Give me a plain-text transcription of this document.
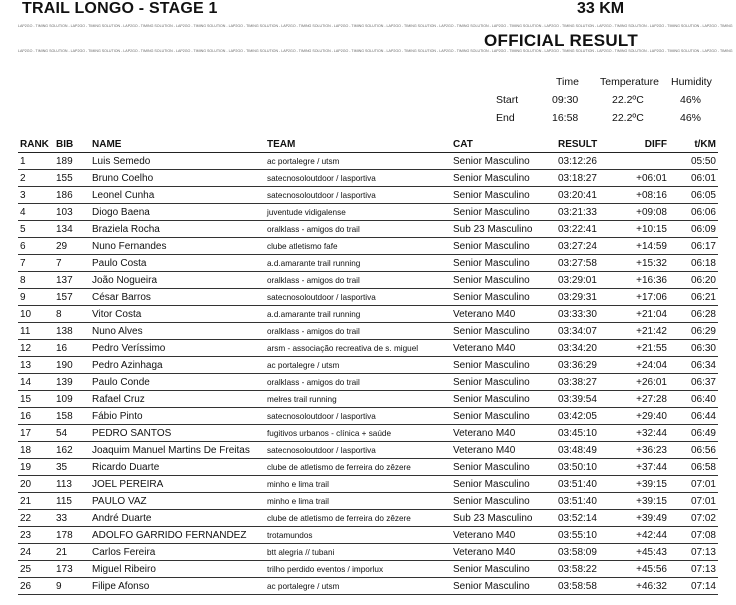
TRAIL LONGO - STAGE 1	33 KM
LAP2GO - TIMING SOLUTION - LAP2GO - TIMING SOLUTION - LAP2GO - TIMING SOLUTION - LAP2GO - TIMING SOLUTION - LAP2GO - TIMING SOLUTION - LAP2GO - TIMING SOLUTION - LAP2GO - TIMING SOLUTION - LAP2GO - TIMING SOLUTION - LAP2GO - TIMING SOLUTION - LAP2GO - TIMING SOLUTION - LAP2GO - TIMING SOLUTION - LAP2GO - TIMING SOLUTION - LAP2GO - TIMING SOLUTION - LAP2GO - TIMING
OFFICIAL RESULT
LAP2GO - TIMING SOLUTION - LAP2GO - TIMING SOLUTION - LAP2GO - TIMING SOLUTION - LAP2GO - TIMING SOLUTION - LAP2GO - TIMING SOLUTION - LAP2GO - TIMING SOLUTION - LAP2GO - TIMING SOLUTION - LAP2GO - TIMING SOLUTION - LAP2GO - TIMING SOLUTION - LAP2GO - TIMING SOLUTION - LAP2GO - TIMING SOLUTION - LAP2GO - TIMING SOLUTION - LAP2GO - TIMING SOLUTION - LAP2GO - TIMING
Time Temperature Humidity
Start	09:30	22.2ºC	46%
End	16:58	22.2ºC	46%
RANK	BIB	NAME	TEAM	CAT	RESULT	DIFF	t/KM
1	189	Luis Semedo	ac portalegre / utsm	Senior Masculino	03:12:26		05:50
2	155	Bruno Coelho	satecnosoloutdoor / lasportiva	Senior Masculino	03:18:27	+06:01	06:01
3	186	Leonel Cunha	satecnosoloutdoor / lasportiva	Senior Masculino	03:20:41	+08:16	06:05
4	103	Diogo Baena	juventude vidigalense	Senior Masculino	03:21:33	+09:08	06:06
5	134	Braziela Rocha	oralklass - amigos do trail	Sub 23 Masculino	03:22:41	+10:15	06:09
6	29	Nuno Fernandes	clube atletismo fafe	Senior Masculino	03:27:24	+14:59	06:17
7	7	Paulo Costa	a.d.amarante trail running	Senior Masculino	03:27:58	+15:32	06:18
8	137	João Nogueira	oralklass - amigos do trail	Senior Masculino	03:29:01	+16:36	06:20
9	157	César Barros	satecnosoloutdoor / lasportiva	Senior Masculino	03:29:31	+17:06	06:21
10	8	Vitor Costa	a.d.amarante trail running	Veterano M40	03:33:30	+21:04	06:28
11	138	Nuno Alves	oralklass - amigos do trail	Senior Masculino	03:34:07	+21:42	06:29
12	16	Pedro Veríssimo	arsm - associação recreativa de s. miguel	Veterano M40	03:34:20	+21:55	06:30
13	190	Pedro Azinhaga	ac portalegre / utsm	Senior Masculino	03:36:29	+24:04	06:34
14	139	Paulo Conde	oralklass - amigos do trail	Senior Masculino	03:38:27	+26:01	06:37
15	109	Rafael Cruz	melres trail running	Senior Masculino	03:39:54	+27:28	06:40
16	158	Fábio Pinto	satecnosoloutdoor / lasportiva	Senior Masculino	03:42:05	+29:40	06:44
17	54	PEDRO SANTOS	fugitivos urbanos - clínica + saúde	Veterano M40	03:45:10	+32:44	06:49
18	162	Joaquim Manuel Martins De Freitas	satecnosoloutdoor / lasportiva	Veterano M40	03:48:49	+36:23	06:56
19	35	Ricardo Duarte	clube de atletismo de ferreira do zêzere	Senior Masculino	03:50:10	+37:44	06:58
20	113	JOEL PEREIRA	minho e lima trail	Senior Masculino	03:51:40	+39:15	07:01
21	115	PAULO VAZ	minho e lima trail	Senior Masculino	03:51:40	+39:15	07:01
22	33	André Duarte	clube de atletismo de ferreira do zêzere	Sub 23 Masculino	03:52:14	+39:49	07:02
23	178	ADOLFO GARRIDO FERNANDEZ	trotamundos	Veterano M40	03:55:10	+42:44	07:08
24	21	Carlos Fereira	btt alegria // tubani	Veterano M40	03:58:09	+45:43	07:13
25	173	Miguel Ribeiro	trilho perdido eventos / imporlux	Senior Masculino	03:58:22	+45:56	07:13
26	9	Filipe Afonso	ac portalegre / utsm	Senior Masculino	03:58:58	+46:32	07:14
